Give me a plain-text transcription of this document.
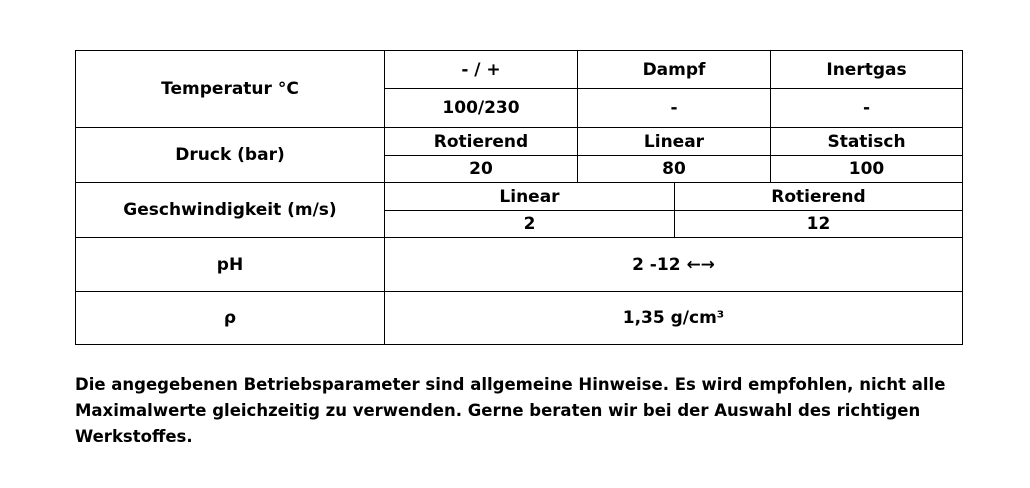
Temperatur °C
- / +	Dampf	Inertgas
100/230	-	-
Druck (bar)
Rotierend	Linear	Statisch
20	80	100
Geschwindigkeit (m/s)
Linear	Rotierend
2	12
pH	2 -12 ←→
ρ	1,35 g/cm³

Die angegebenen Betriebsparameter sind allgemeine Hinweise. Es wird empfohlen, nicht alle

Maximalwerte gleichzeitig zu verwenden. Gerne beraten wir bei der Auswahl des richtigen

Werkstoffes.
